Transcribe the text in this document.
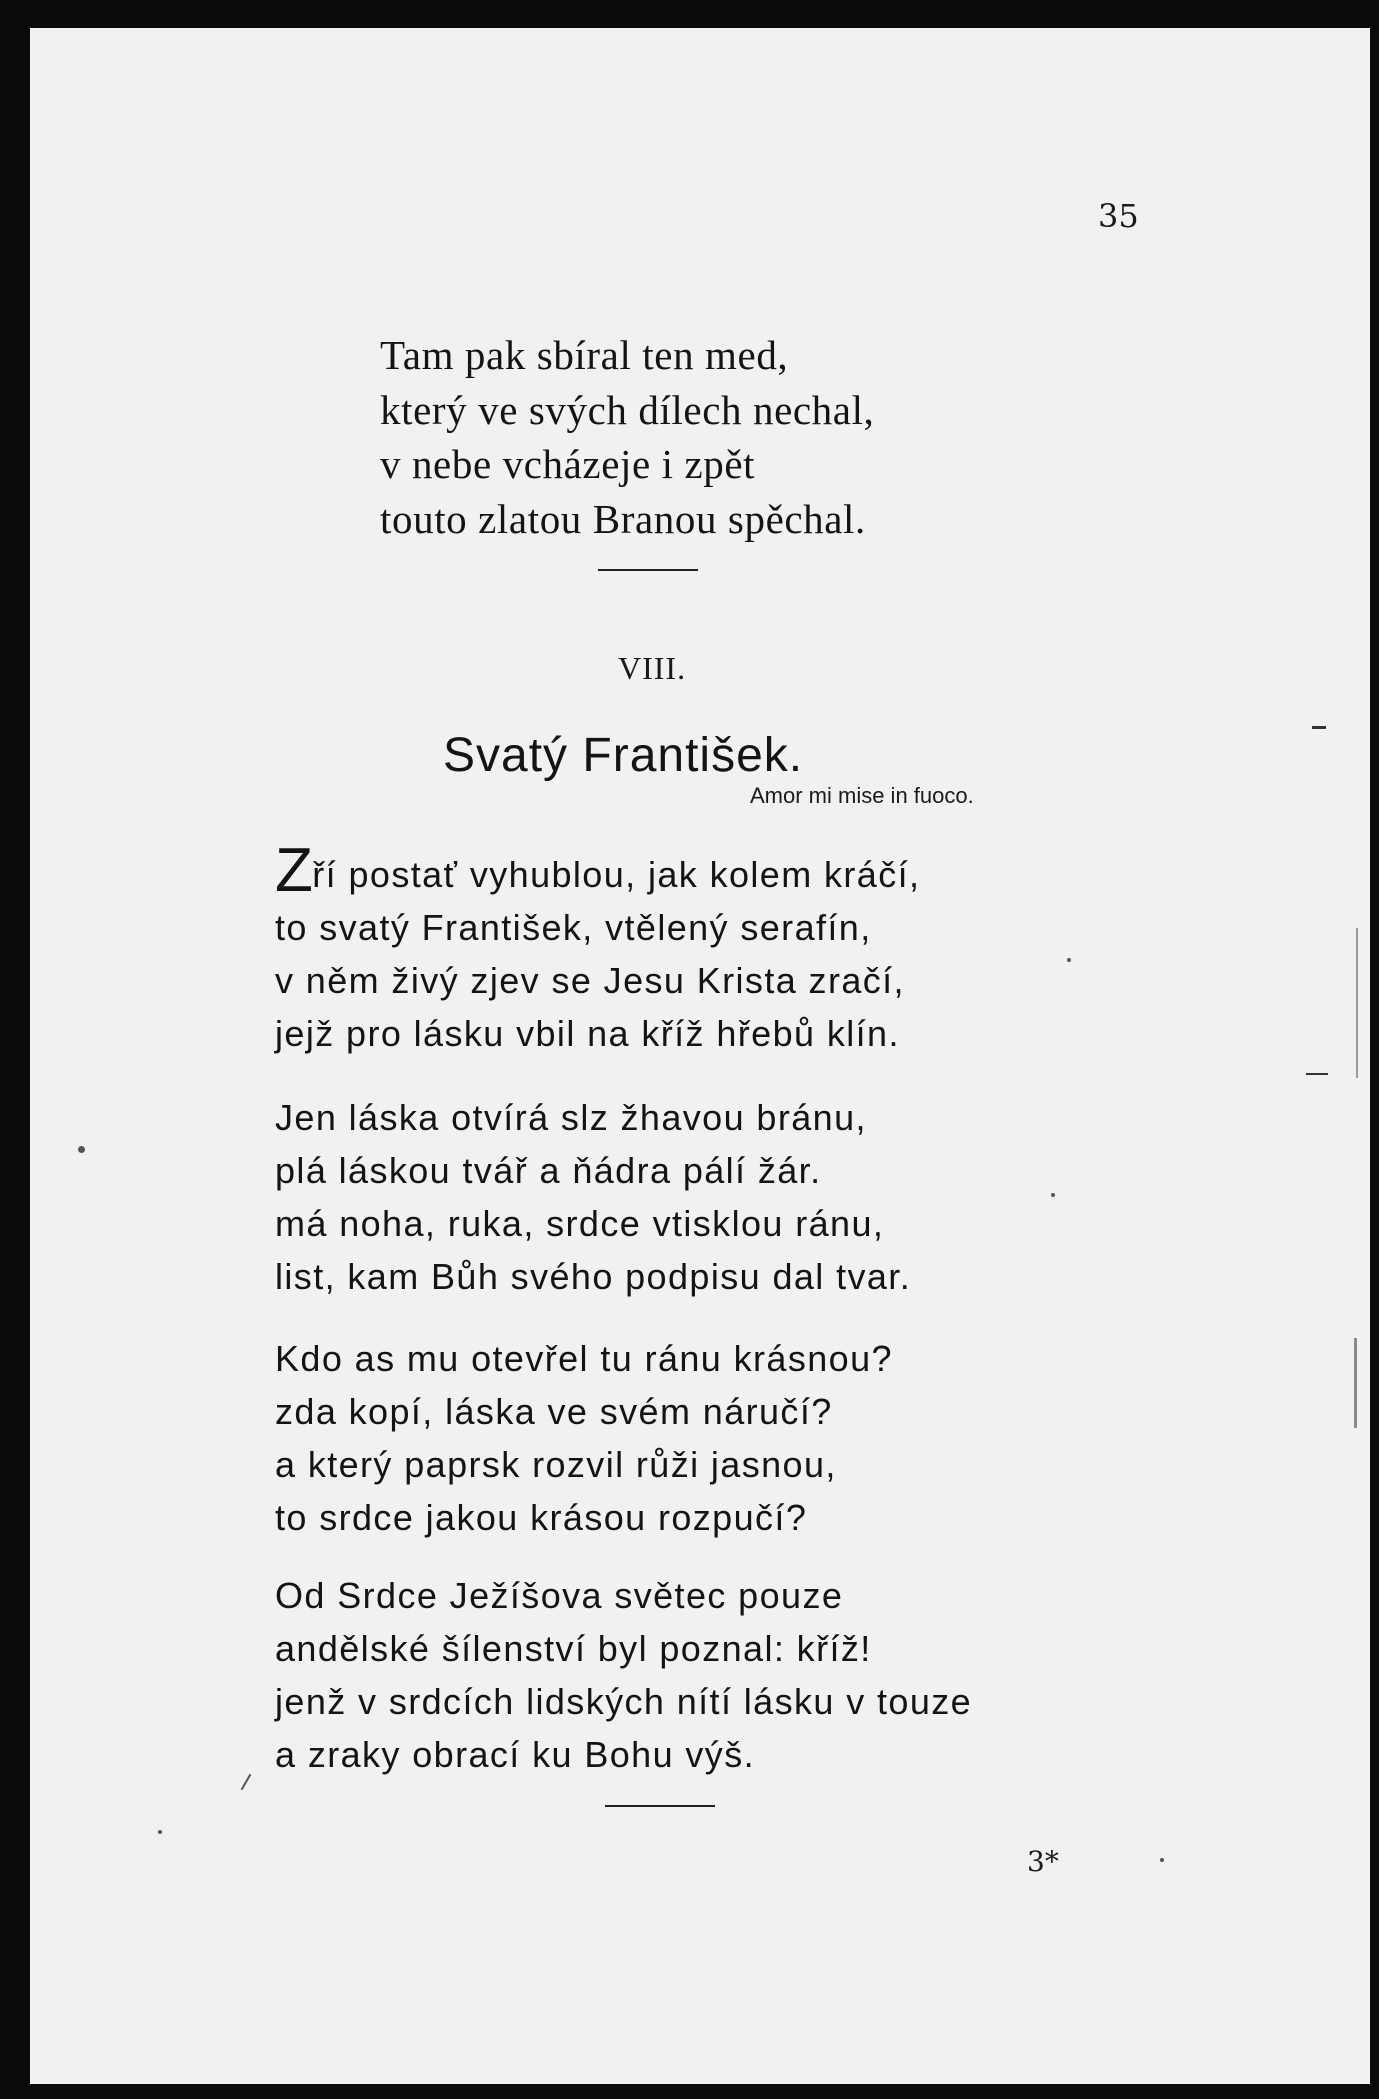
35
Tam pak sbíral ten med,
který ve svých dílech nechal,
v nebe vcházeje i zpět
touto zlatou Branou spěchal.
VIII.
Svatý František.
Amor mi mise in fuoco.
Zří postať vyhublou, jak kolem kráčí,
to svatý František, vtělený serafín,
v něm živý zjev se Jesu Krista zračí,
jejž pro lásku vbil na kříž hřebů klín.
Jen láska otvírá slz žhavou bránu,
plá láskou tvář a ňádra pálí žár.
má noha, ruka, srdce vtisklou ránu,
list, kam Bůh svého podpisu dal tvar.
Kdo as mu otevřel tu ránu krásnou?
zda kopí, láska ve svém náručí?
a který paprsk rozvil růži jasnou,
to srdce jakou krásou rozpučí?
Od Srdce Ježíšova světec pouze
andělské šílenství byl poznal: kříž!
jenž v srdcích lidských nítí lásku v touze
a zraky obrací ku Bohu výš.
3*
